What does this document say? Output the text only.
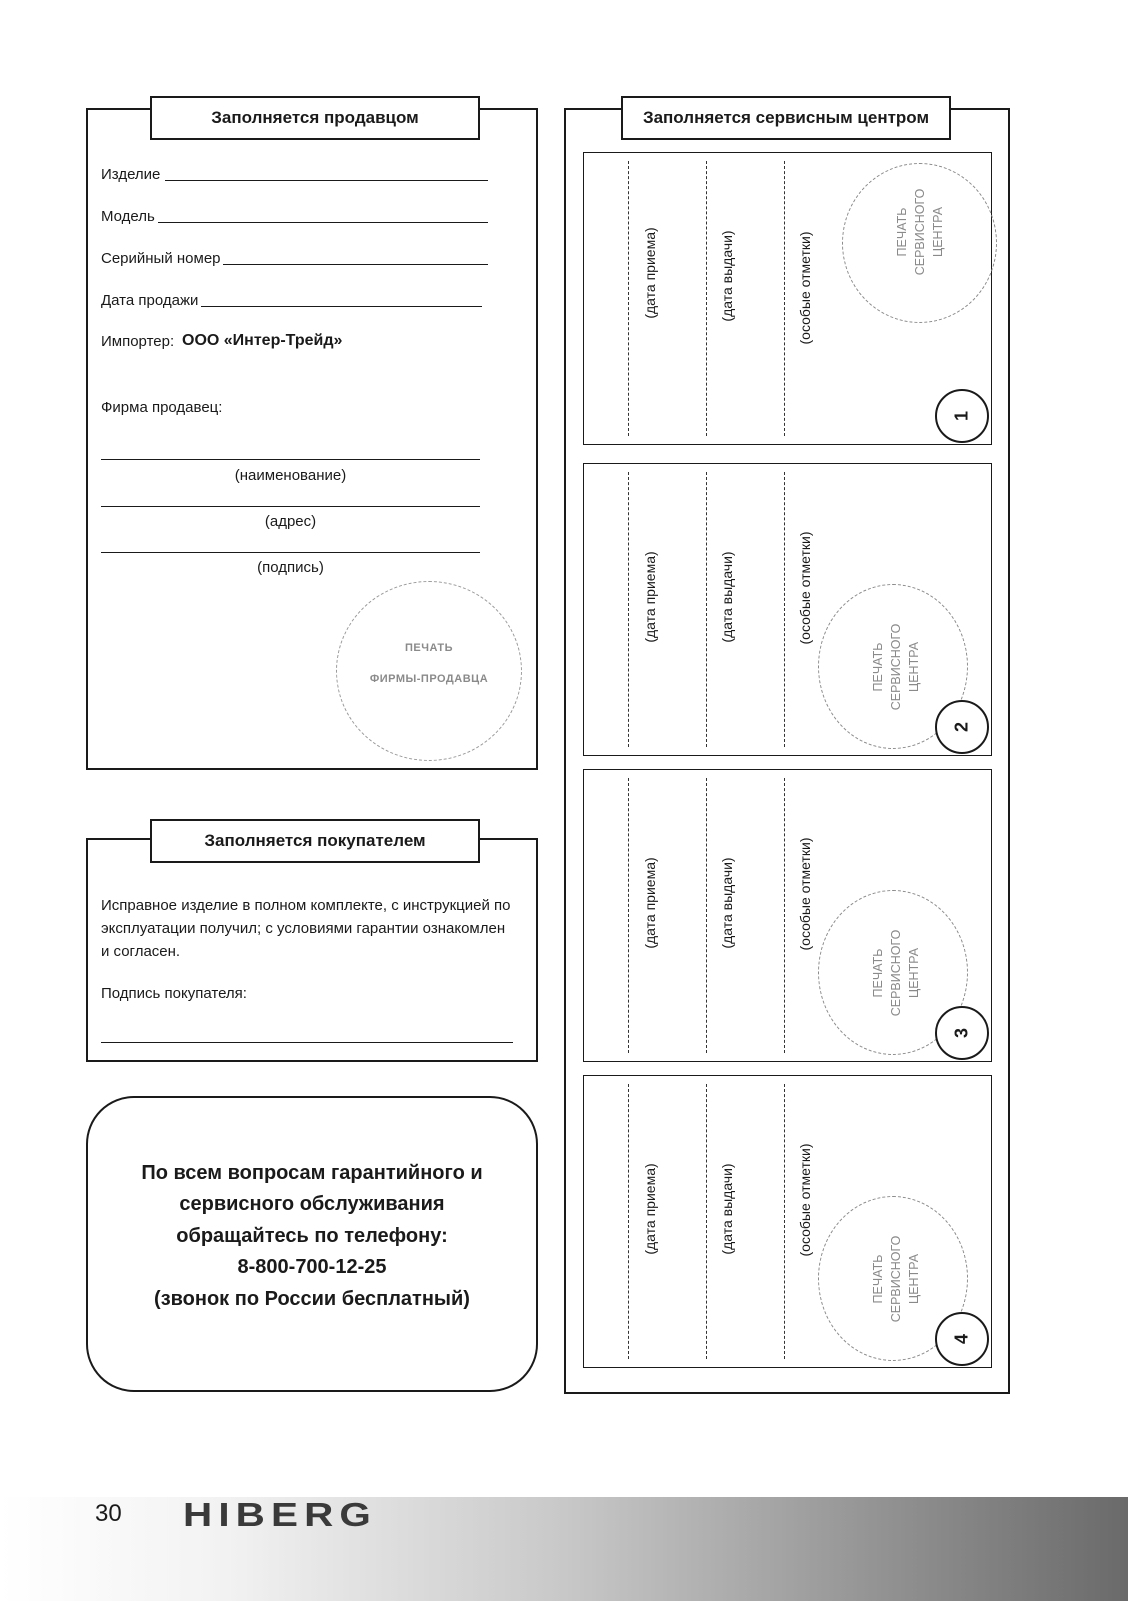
Заполняется продавцом
Изделие
Модель
Серийный номер
Дата продажи
Импортер: ООО «Интер-Трейд»
Фирма продавец:
(наименование)
(адрес)
(подпись)
ПЕЧАТЬ
ФИРМЫ-ПРОДАВЦА
Заполняется покупателем
Исправное изделие в полном комплекте, с инструкцией по
эксплуатации получил; с условиями гарантии ознакомлен
и согласен.
Подпись покупателя:
По всем вопросам гарантийного и
сервисного обслуживания
обращайтесь по телефону:
8-800-700-12-25
(звонок по России бесплатный)
Заполняется сервисным центром
(дата приема)	(дата выдачи)	(особые отметки)	ПЕЧАТЬ СЕРВИСНОГО ЦЕНТРА
1
(дата приема)	(дата выдачи)	(особые отметки)
ПЕЧАТЬ СЕРВИСНОГО ЦЕНТРА
2
(дата приема)	(дата выдачи)	(особые отметки)
ПЕЧАТЬ СЕРВИСНОГО ЦЕНТРА
3
(дата приема)	(дата выдачи)	(особые отметки)
ПЕЧАТЬ СЕРВИСНОГО ЦЕНТРА
4
30 HIBERG
